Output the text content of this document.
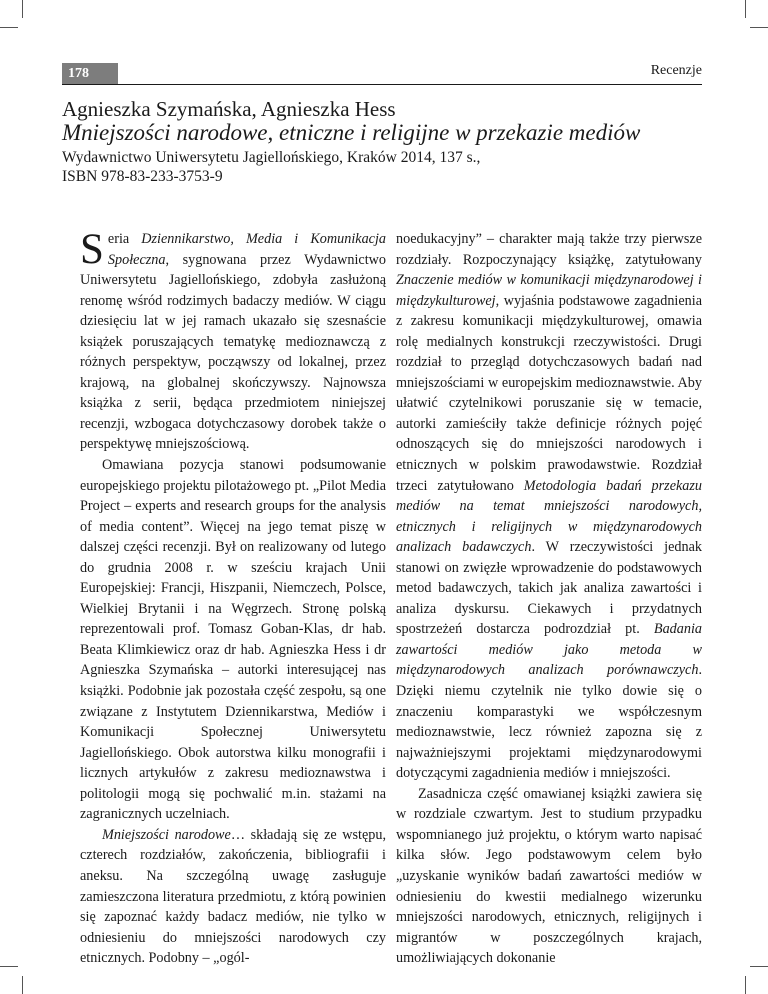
178	Recenzje
Agnieszka Szymańska, Agnieszka Hess
Mniejszości narodowe, etniczne i religijne w przekazie mediów
Wydawnictwo Uniwersytetu Jagiellońskiego, Kraków 2014, 137 s.,
ISBN 978-83-233-3753-9

Seria Dziennikarstwo, Media i Komunikacja Społeczna, sygnowana przez Wydawnictwo Uniwersytetu Jagiellońskiego, zdobyła zasłużoną renomę wśród rodzimych badaczy mediów. W ciągu dziesięciu lat w jej ramach ukazało się szesnaście książek poruszających tematykę medioznawczą z różnych perspektyw, począwszy od lokalnej, przez krajową, na globalnej skończywszy. Najnowsza książka z serii, będąca przedmiotem niniejszej recenzji, wzbogaca dotychczasowy dorobek także o perspektywę mniejszościową.

Omawiana pozycja stanowi podsumowanie europejskiego projektu pilotażowego pt. „Pilot Media Project – experts and research groups for the analysis of media content”. Więcej na jego temat piszę w dalszej części recenzji. Był on realizowany od lutego do grudnia 2008 r. w sześciu krajach Unii Europejskiej: Francji, Hiszpanii, Niemczech, Polsce, Wielkiej Brytanii i na Węgrzech. Stronę polską reprezentowali prof. Tomasz Goban-Klas, dr hab. Beata Klimkiewicz oraz dr hab. Agnieszka Hess i dr Agnieszka Szymańska – autorki interesującej nas książki. Podobnie jak pozostała część zespołu, są one związane z Instytutem Dziennikarstwa, Mediów i Komunikacji Społecznej Uniwersytetu Jagiellońskiego. Obok autorstwa kilku monografii i licznych artykułów z zakresu medioznawstwa i politologii mogą się pochwalić m.in. stażami na zagranicznych uczelniach.

Mniejszości narodowe… składają się ze wstępu, czterech rozdziałów, zakończenia, bibliografii i aneksu. Na szczególną uwagę zasługuje zamieszczona literatura przedmiotu, z którą powinien się zapoznać każdy badacz mediów, nie tylko w odniesieniu do mniejszości narodowych czy etnicznych. Podobny – „ogól-

noedukacyjny” – charakter mają także trzy pierwsze rozdziały. Rozpoczynający książkę, zatytułowany Znaczenie mediów w komunikacji międzynarodowej i międzykulturowej, wyjaśnia podstawowe zagadnienia z zakresu komunikacji międzykulturowej, omawia rolę medialnych konstrukcji rzeczywistości. Drugi rozdział to przegląd dotychczasowych badań nad mniejszościami w europejskim medioznawstwie. Aby ułatwić czytelnikowi poruszanie się w temacie, autorki zamieściły także definicje różnych pojęć odnoszących się do mniejszości narodowych i etnicznych w polskim prawodawstwie. Rozdział trzeci zatytułowano Metodologia badań przekazu mediów na temat mniejszości narodowych, etnicznych i religijnych w międzynarodowych analizach badawczych. W rzeczywistości jednak stanowi on zwięzłe wprowadzenie do podstawowych metod badawczych, takich jak analiza zawartości i analiza dyskursu. Ciekawych i przydatnych spostrzeżeń dostarcza podrozdział pt. Badania zawartości mediów jako metoda w międzynarodowych analizach porównawczych. Dzięki niemu czytelnik nie tylko dowie się o znaczeniu komparastyki we współczesnym medioznawstwie, lecz również zapozna się z najważniejszymi projektami międzynarodowymi dotyczącymi zagadnienia mediów i mniejszości.

Zasadnicza część omawianej książki zawiera się w rozdziale czwartym. Jest to studium przypadku wspomnianego już projektu, o którym warto napisać kilka słów. Jego podstawowym celem było „uzyskanie wyników badań zawartości mediów w odniesieniu do kwestii medialnego wizerunku mniejszości narodowych, etnicznych, religijnych i migrantów w poszczególnych krajach, umożliwiających dokonanie
